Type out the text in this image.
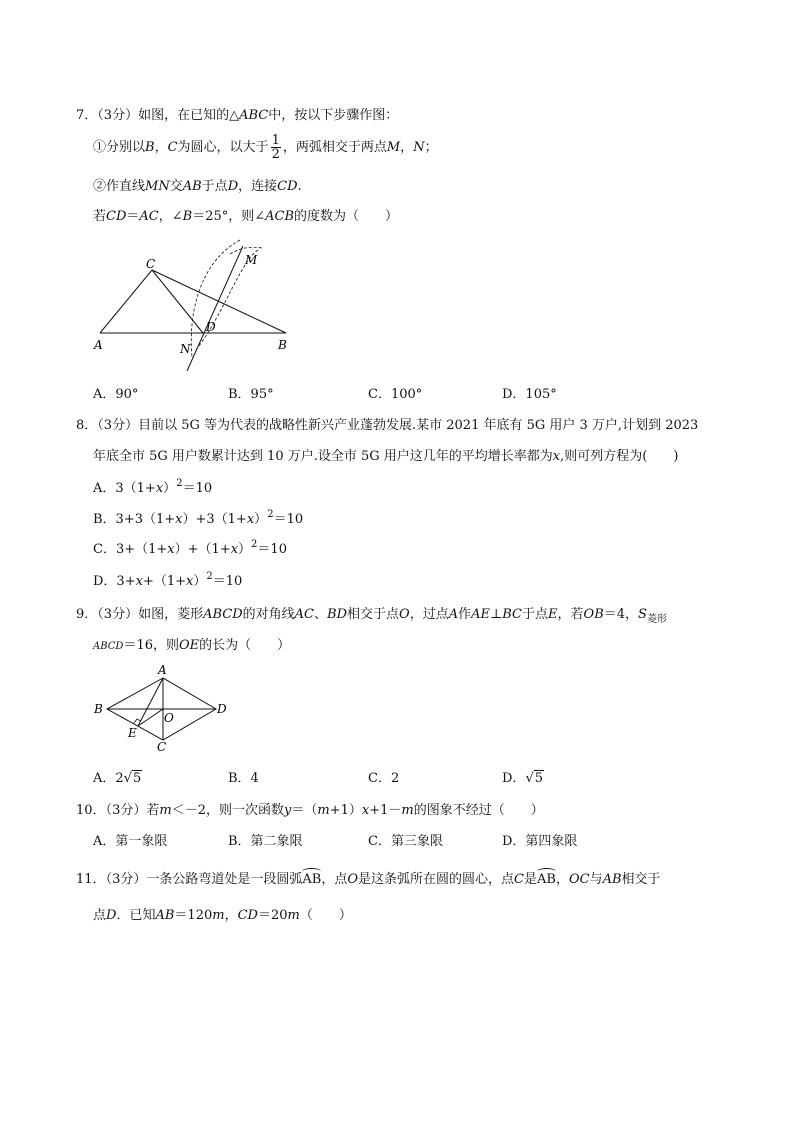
7．（3分）如图，在已知的△ABC中，按以下步骤作图：
①分别以B，C为圆心，以大于 $\frac{1}{2}$ ，两弧相交于两点M，N；
②作直线MN交AB于点D，连接CD.
若CD＝AC，∠B＝25°，则∠ACB的度数为（　　）
C	M
D
A	B
N
A．90°	B．95°	C．100°	D．105°
8．（3分）目前以 5G 等为代表的战略性新兴产业蓬勃发展.某市 2021 年底有 5G 用户 3 万户,计划到 2023
年底全市 5G 用户数累计达到 10 万户.设全市 5G 用户这几年的平均增长率都为x,则可列方程为(　　)
A．$3(1+x)^2=10$
B．$3+3(1+x)+3(1+x)^2=10$
C．$3+(1+x)+(1+x)^2=10$
D．$3+x+(1+x)^2=10$
9．（3分）如图，菱形ABCD的对角线AC、BD相交于点O，过点A作AE⊥BC于点E，若OB＝4，$S_{菱形}$
ABCD＝16，则OE的长为（　　）
A
B
O
D
E
C
A．2√5	B．4	C．2	D．√5
10．（3分）若m＜－2，则一次函数y＝（m+1）x+1－m的图象不经过（　　）
A．第一象限	B．第二象限	C．第三象限	D．第四象限
11．（3分）一条公路弯道处是一段圆弧AB，点O是这条弧所在圆的圆心，点C是AB，OC与AB相交于
点D．已知AB＝120m，CD＝20m（　　）
